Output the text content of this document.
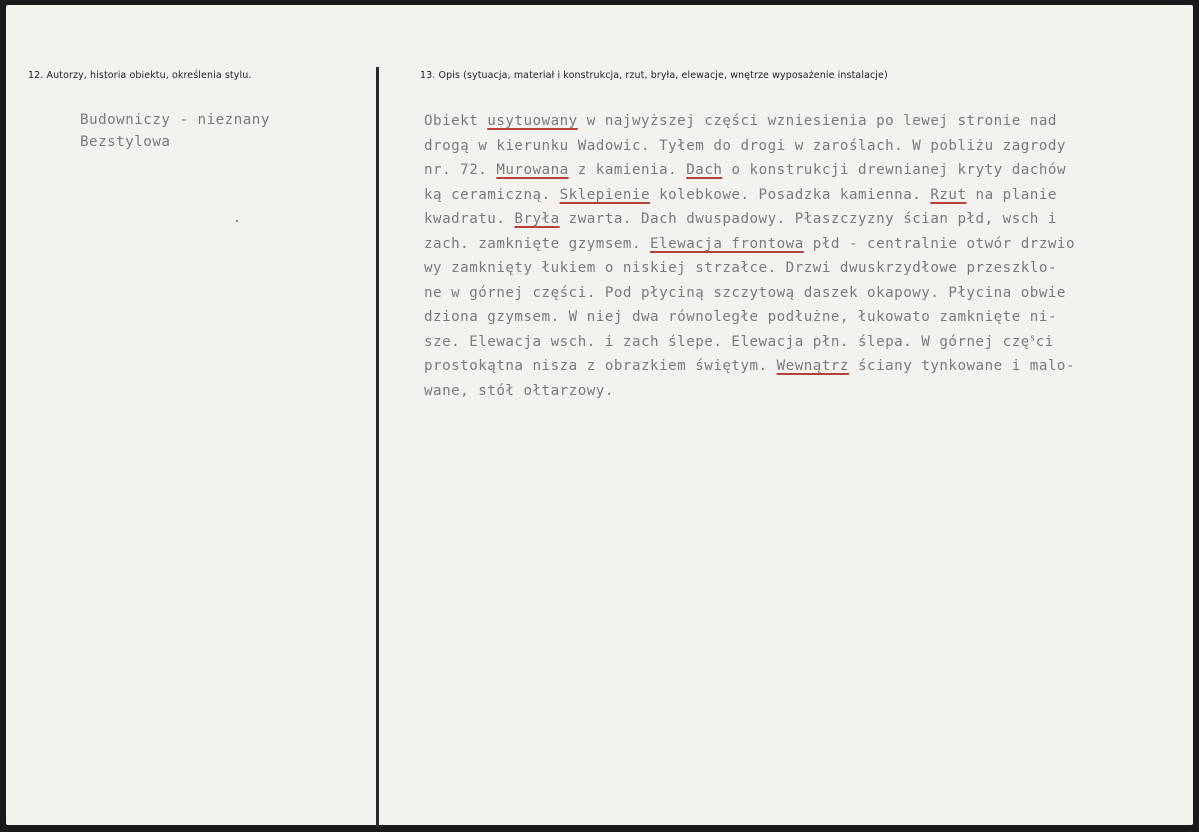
12. Autorzy, historia obiektu, określenia stylu.	13. Opis (sytuacja, materiał i konstrukcja, rzut, bryła, elewacje, wnętrze wyposażenie instalacje)
Budowniczy - nieznany
Bezstylowa
Obiekt usytuowany w najwyższej części wzniesienia po lewej stronie nad
drogą w kierunku Wadowic. Tyłem do drogi w zaroślach. W pobliżu zagrody
nr. 72. Murowana z kamienia. Dach o konstrukcji drewnianej kryty dachów
ką ceramiczną. Sklepienie kolebkowe. Posadzka kamienna. Rzut na planie
kwadratu. Bryła zwarta. Dach dwuspadowy. Płaszczyzny ścian płd, wsch i
zach. zamknięte gzymsem. Elewacja frontowa płd - centralnie otwór drzwio
wy zamknięty łukiem o niskiej strzałce. Drzwi dwuskrzydłowe przeszklo-
ne w górnej części. Pod płyciną szczytową daszek okapowy. Płycina obwie
dziona gzymsem. W niej dwa równoległe podłużne, łukowato zamknięte ni-
sze. Elewacja wsch. i zach ślepe. Elewacja płn. ślepa. W górnej czę$^s$ci
prostokątna nisza z obrazkiem świętym. Wewnątrz ściany tynkowane i malo-
wane, stół ołtarzowy.
